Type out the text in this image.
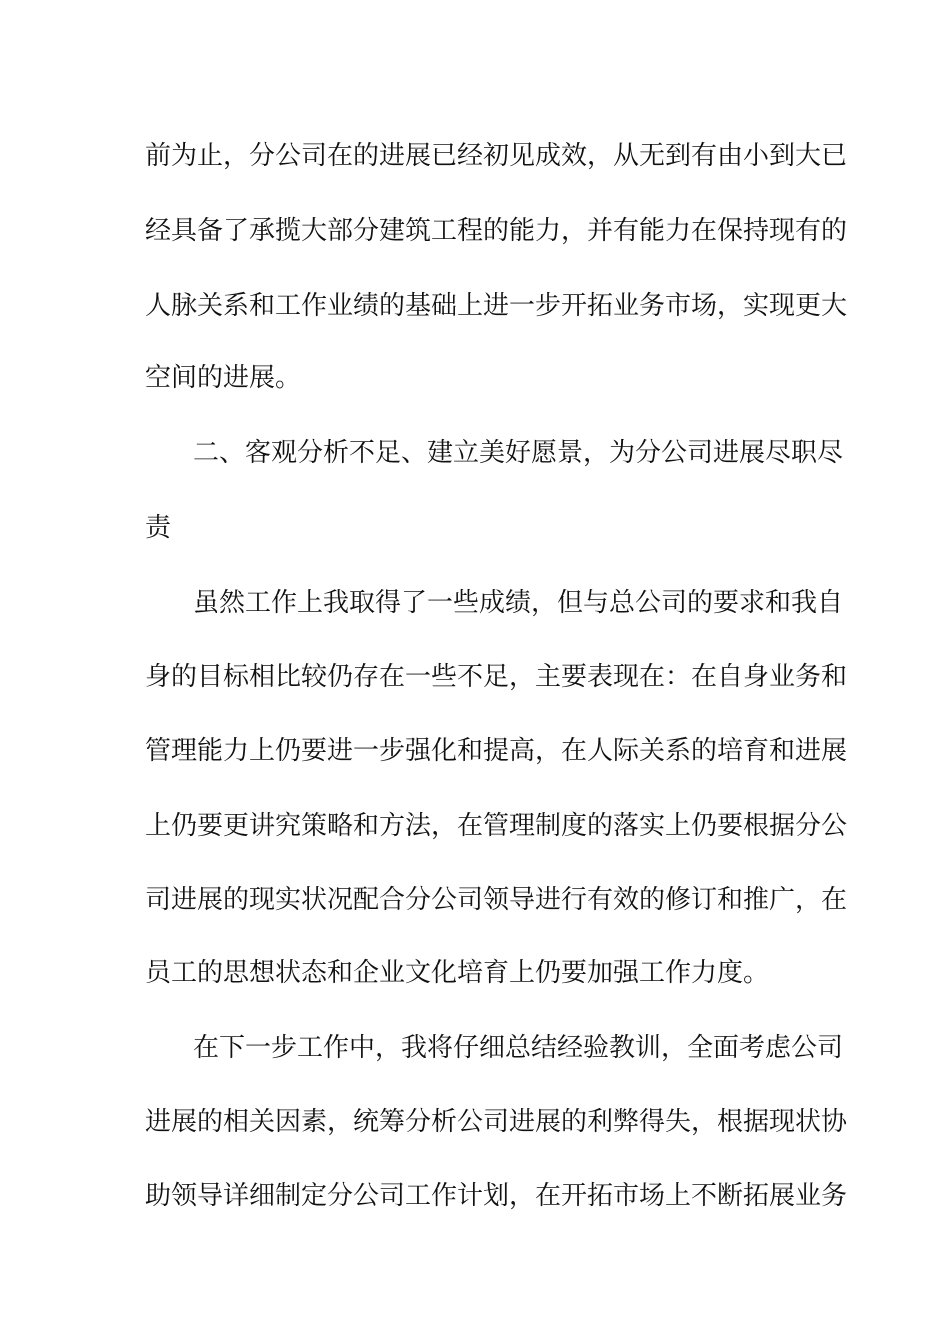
前为止，分公司在的进展已经初见成效，从无到有由小到大已
经具备了承揽大部分建筑工程的能力，并有能力在保持现有的
人脉关系和工作业绩的基础上进一步开拓业务市场，实现更大
空间的进展。
二、客观分析不足、建立美好愿景，为分公司进展尽职尽
责
虽然工作上我取得了一些成绩，但与总公司的要求和我自
身的目标相比较仍存在一些不足，主要表现在：在自身业务和
管理能力上仍要进一步强化和提高，在人际关系的培育和进展
上仍要更讲究策略和方法，在管理制度的落实上仍要根据分公
司进展的现实状况配合分公司领导进行有效的修订和推广，在
员工的思想状态和企业文化培育上仍要加强工作力度。
在下一步工作中，我将仔细总结经验教训，全面考虑公司
进展的相关因素，统筹分析公司进展的利弊得失，根据现状协
助领导详细制定分公司工作计划，在开拓市场上不断拓展业务
